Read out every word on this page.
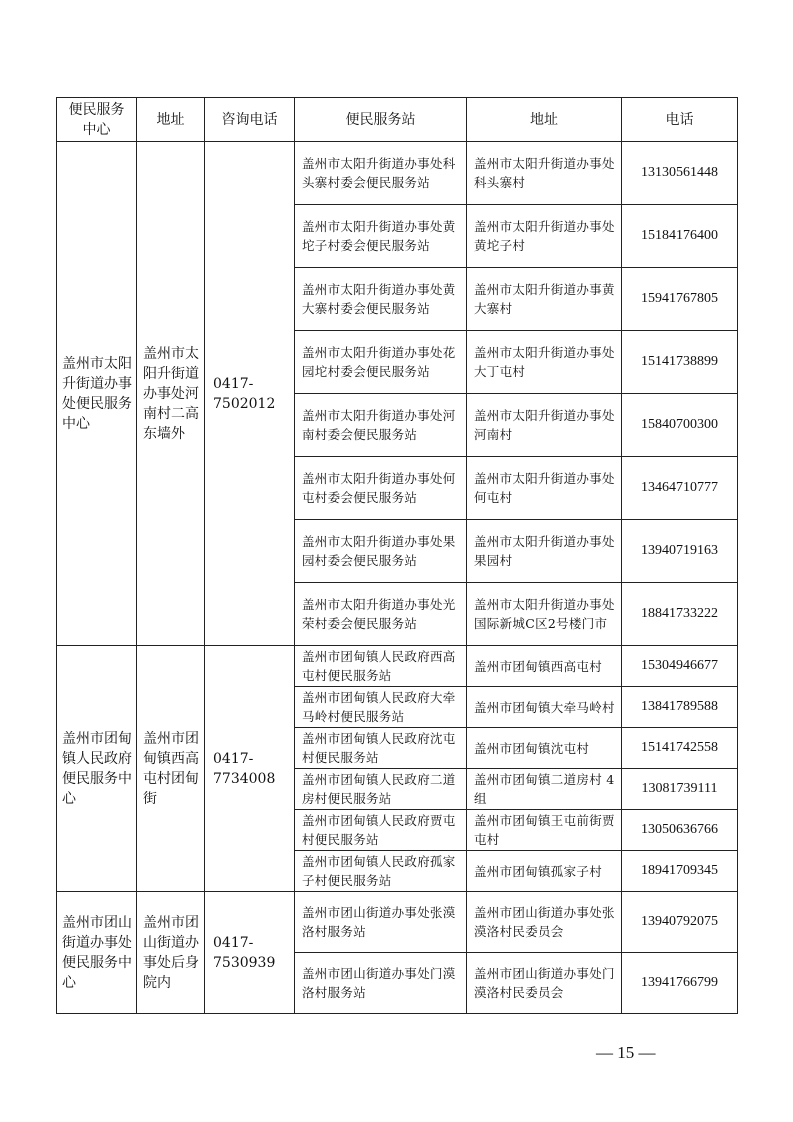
便民服务中心	地址	咨询电话	便民服务站	地址	电话
盖州市太阳升街道办事处便民服务中心	盖州市太阳升街道办事处河南村二高东墙外	0417-7502012	盖州市太阳升街道办事处科头寨村委会便民服务站	盖州市太阳升街道办事处科头寨村	13130561448
			盖州市太阳升街道办事处黄坨子村委会便民服务站	盖州市太阳升街道办事处黄坨子村	15184176400
			盖州市太阳升街道办事处黄大寨村委会便民服务站	盖州市太阳升街道办事黄大寨村	15941767805
			盖州市太阳升街道办事处花园坨村委会便民服务站	盖州市太阳升街道办事处大丁屯村	15141738899
			盖州市太阳升街道办事处河南村委会便民服务站	盖州市太阳升街道办事处河南村	15840700300
			盖州市太阳升街道办事处何屯村委会便民服务站	盖州市太阳升街道办事处何屯村	13464710777
			盖州市太阳升街道办事处果园村委会便民服务站	盖州市太阳升街道办事处果园村	13940719163
			盖州市太阳升街道办事处光荣村委会便民服务站	盖州市太阳升街道办事处国际新城C区2号楼门市	18841733222
盖州市团甸镇人民政府便民服务中心	盖州市团甸镇西高屯村团甸街	0417-7734008	盖州市团甸镇人民政府西高屯村便民服务站	盖州市团甸镇西高屯村	15304946677
			盖州市团甸镇人民政府大牵马岭村便民服务站	盖州市团甸镇大牵马岭村	13841789588
			盖州市团甸镇人民政府沈屯村便民服务站	盖州市团甸镇沈屯村	15141742558
			盖州市团甸镇人民政府二道房村便民服务站	盖州市团甸镇二道房村 4 组	13081739111
			盖州市团甸镇人民政府贾屯村便民服务站	盖州市团甸镇王屯前街贾屯村	13050636766
			盖州市团甸镇人民政府孤家子村便民服务站	盖州市团甸镇孤家子村	18941709345
盖州市团山街道办事处便民服务中心	盖州市团山街道办事处后身院内	0417-7530939	盖州市团山街道办事处张漠洛村服务站	盖州市团山街道办事处张漠洛村民委员会	13940792075
			盖州市团山街道办事处门漠洛村服务站	盖州市团山街道办事处门漠洛村民委员会	13941766799
— 15 —
